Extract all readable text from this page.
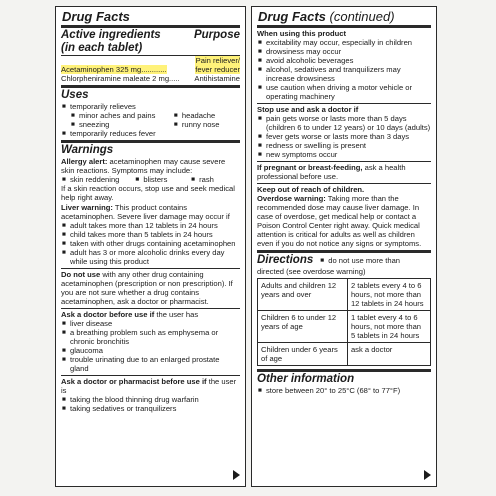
Drug Facts
Active ingredients	Purpose
(in each tablet)
Acetaminophen 325 mg............
Pain reliever/
fever reducer
Chlorpheniramine maleate 2 mg..... Antihistamine
Uses
■ temporarily relieves
■ minor aches and pains
■ sneezing
■ headache
■ runny nose
■ temporarily reduces fever
Warnings
Allergy alert: acetaminophen may cause severe skin reactions. Symptoms may include:
■ skin reddening	■ blisters	■ rash
If a skin reaction occurs, stop use and seek medical help right away.
Liver warning: This product contains acetaminophen. Severe liver damage may occur if
■ adult takes more than 12 tablets in 24 hours
■ child takes more than 5 tablets in 24 hours
■ taken with other drugs containing acetaminophen
■ adult has 3 or more alcoholic drinks every day while using this product
Do not use with any other drug containing acetaminophen (prescription or non prescription). If you are not sure whether a drug contains acetaminophen, ask a doctor or pharmacist.
Ask a doctor before use if the user has
■ liver disease
■ a breathing problem such as emphysema or chronic bronchitis
■ glaucoma
■ trouble urinating due to an enlarged prostate gland
Ask a doctor or pharmacist before use if the user is
■ taking the blood thinning drug warfarin
■ taking sedatives or tranquilizers
Drug Facts (continued)
When using this product
■ excitability may occur, especially in children
■ drowsiness may occur
■ avoid alcoholic beverages
■ alcohol, sedatives and tranquilizers may increase drowsiness
■ use caution when driving a motor vehicle or operating machinery
Stop use and ask a doctor if
■ pain gets worse or lasts more than 5 days (children 6 to under 12 years) or 10 days (adults)
■ fever gets worse or lasts more than 3 days
■ redness or swelling is present
■ new symptoms occur
If pregnant or breast-feeding, ask a health professional before use.
Keep out of reach of children.
Overdose warning: Taking more than the recommended dose may cause liver damage. In case of overdose, get medical help or contact a Poison Control Center right away. Quick medical attention is critical for adults as well as children even if you do not notice any signs or symptoms.
Directions	■ do not use more than
directed (see overdose warning)
Adults and children 12 years and over	2 tablets every 4 to 6 hours, not more than 12 tablets in 24 hours
Children 6 to under 12 years of age	1 tablet every 4 to 6 hours, not more than 5 tablets in 24 hours
Children under 6 years of age	ask a doctor
Other information
■ store between 20° to 25°C (68° to 77°F)
